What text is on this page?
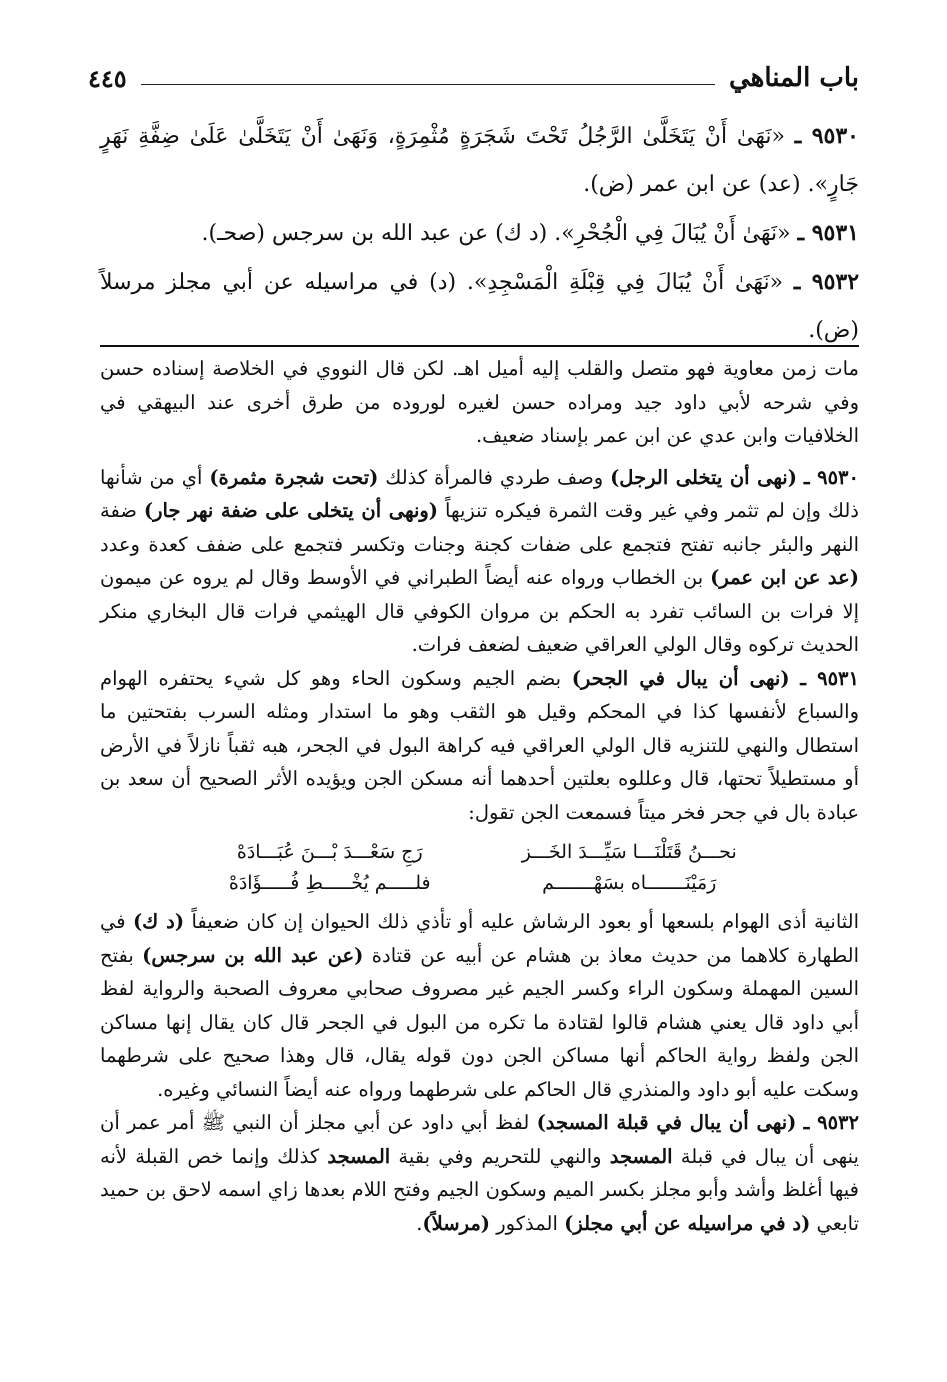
باب المناهي
٤٤٥

٩٥٣٠ ـ «نَهَىٰ أَنْ يَتَخَلَّىٰ الرَّجُلُ تَحْتَ شَجَرَةٍ مُثْمِرَةٍ، وَنَهَىٰ أَنْ يَتَخَلَّىٰ عَلَىٰ ضِفَّةِ نَهَرٍ جَارٍ». (عد) عن ابن عمر (ض).

٩٥٣١ ـ «نَهَىٰ أَنْ يُبَالَ فِي الْجُحْرِ». (د ك) عن عبد الله بن سرجس (صحـ).

٩٥٣٢ ـ «نَهَىٰ أَنْ يُبَالَ فِي قِبْلَةِ الْمَسْجِدِ». (د) في مراسيله عن أبي مجلز مرسلاً (ض).

مات زمن معاوية فهو متصل والقلب إليه أميل اهـ. لكن قال النووي في الخلاصة إسناده حسن وفي شرحه لأبي داود جيد ومراده حسن لغيره لوروده من طرق أخرى عند البيهقي في الخلافيات وابن عدي عن ابن عمر بإسناد ضعيف.

٩٥٣٠ ـ (نهى أن يتخلى الرجل) وصف طردي فالمرأة كذلك (تحت شجرة مثمرة) أي من شأنها ذلك وإن لم تثمر وفي غير وقت الثمرة فيكره تنزيهاً (ونهى أن يتخلى على ضفة نهر جار) ضفة النهر والبئر جانبه تفتح فتجمع على ضفات كجنة وجنات وتكسر فتجمع على ضفف كعدة وعدد (عد عن ابن عمر) بن الخطاب ورواه عنه أيضاً الطبراني في الأوسط وقال لم يروه عن ميمون إلا فرات بن السائب تفرد به الحكم بن مروان الكوفي قال الهيثمي فرات قال البخاري منكر الحديث تركوه وقال الولي العراقي ضعيف لضعف فرات.

٩٥٣١ ـ (نهى أن يبال في الجحر) بضم الجيم وسكون الحاء وهو كل شيء يحتفره الهوام والسباع لأنفسها كذا في المحكم وقيل هو الثقب وهو ما استدار ومثله السرب بفتحتين ما استطال والنهي للتنزيه قال الولي العراقي فيه كراهة البول في الجحر، هبه ثقباً نازلاً في الأرض أو مستطيلاً تحتها، قال وعللوه بعلتين أحدهما أنه مسكن الجن ويؤيده الأثر الصحيح أن سعد بن عبادة بال في جحر فخر ميتاً فسمعت الجن تقول:

نحـــنُ قَتَلْنَـــا سَيِّـــدَ الخَـــز
رَجِ سَعْـــدَ بْـــنَ عُبَـــادَهْ
رَمَيْنَـــــــاه بسَهْـــــــم
فلـــــم يُخْـــــطِ فُـــــؤَادَهْ

الثانية أذى الهوام بلسعها أو بعود الرشاش عليه أو تأذي ذلك الحيوان إن كان ضعيفاً (د ك) في الطهارة كلاهما من حديث معاذ بن هشام عن أبيه عن قتادة (عن عبد الله بن سرجس) بفتح السين المهملة وسكون الراء وكسر الجيم غير مصروف صحابي معروف الصحبة والرواية لفظ أبي داود قال يعني هشام قالوا لقتادة ما تكره من البول في الجحر قال كان يقال إنها مساكن الجن ولفظ رواية الحاكم أنها مساكن الجن دون قوله يقال، قال وهذا صحيح على شرطهما وسكت عليه أبو داود والمنذري قال الحاكم على شرطهما ورواه عنه أيضاً النسائي وغيره.

٩٥٣٢ ـ (نهى أن يبال في قبلة المسجد) لفظ أبي داود عن أبي مجلز أن النبي ﷺ أمر عمر أن ينهى أن يبال في قبلة المسجد والنهي للتحريم وفي بقية المسجد كذلك وإنما خص القبلة لأنه فيها أغلظ وأشد وأبو مجلز بكسر الميم وسكون الجيم وفتح اللام بعدها زاي اسمه لاحق بن حميد تابعي (د في مراسيله عن أبي مجلز) المذكور (مرسلاً).
